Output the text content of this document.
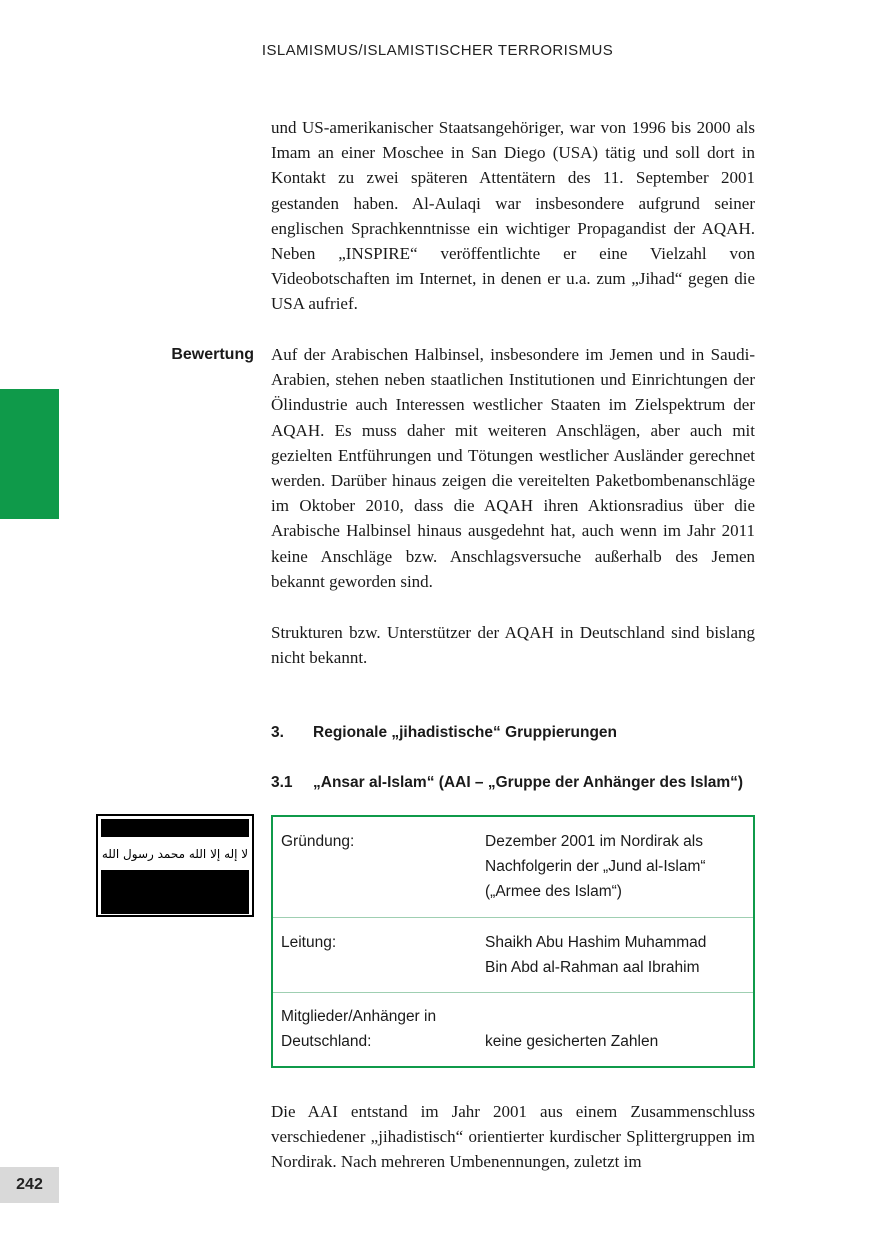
ISLAMISMUS/ISLAMISTISCHER TERRORISMUS

und US-amerikanischer Staatsangehöriger, war von 1996 bis 2000 als Imam an einer Moschee in San Diego (USA) tätig und soll dort in Kontakt zu zwei späteren Attentätern des 11. September 2001 gestanden haben. Al-Aulaqi war insbesondere aufgrund seiner englischen Sprachkenntnisse ein wichtiger Propagandist der AQAH. Neben „INSPIRE“ veröffentlichte er eine Vielzahl von Videobotschaften im Internet, in denen er u.a. zum „Jihad“ gegen die USA aufrief.

Bewertung Auf der Arabischen Halbinsel, insbesondere im Jemen und in Saudi-Arabien, stehen neben staatlichen Institutionen und Einrichtungen der Ölindustrie auch Interessen westlicher Staaten im Zielspektrum der AQAH. Es muss daher mit weiteren Anschlägen, aber auch mit gezielten Entführungen und Tötungen westlicher Ausländer gerechnet werden. Darüber hinaus zeigen die vereitelten Paketbombenanschläge im Oktober 2010, dass die AQAH ihren Aktionsradius über die Arabische Halbinsel hinaus ausgedehnt hat, auch wenn im Jahr 2011 keine Anschläge bzw. Anschlagsversuche außerhalb des Jemen bekannt geworden sind.

Strukturen bzw. Unterstützer der AQAH in Deutschland sind bislang nicht bekannt.

3. Regionale „jihadistische“ Gruppierungen
3.1 „Ansar al-Islam“ (AAI – „Gruppe der Anhänger des Islam“)
لا إله إلا الله محمد رسول الله
Gründung:	Dezember 2001 im Nordirak als
Nachfolgerin der „Jund al-Islam“
(„Armee des Islam“)
Leitung:	Shaikh Abu Hashim Muhammad
Bin Abd al-Rahman aal Ibrahim
Mitglieder/Anhänger in
Deutschland:	keine gesicherten Zahlen

Die AAI entstand im Jahr 2001 aus einem Zusammenschluss verschiedener „jihadistisch“ orientierter kurdischer Splittergruppen im Nordirak. Nach mehreren Umbenennungen, zuletzt im

242
